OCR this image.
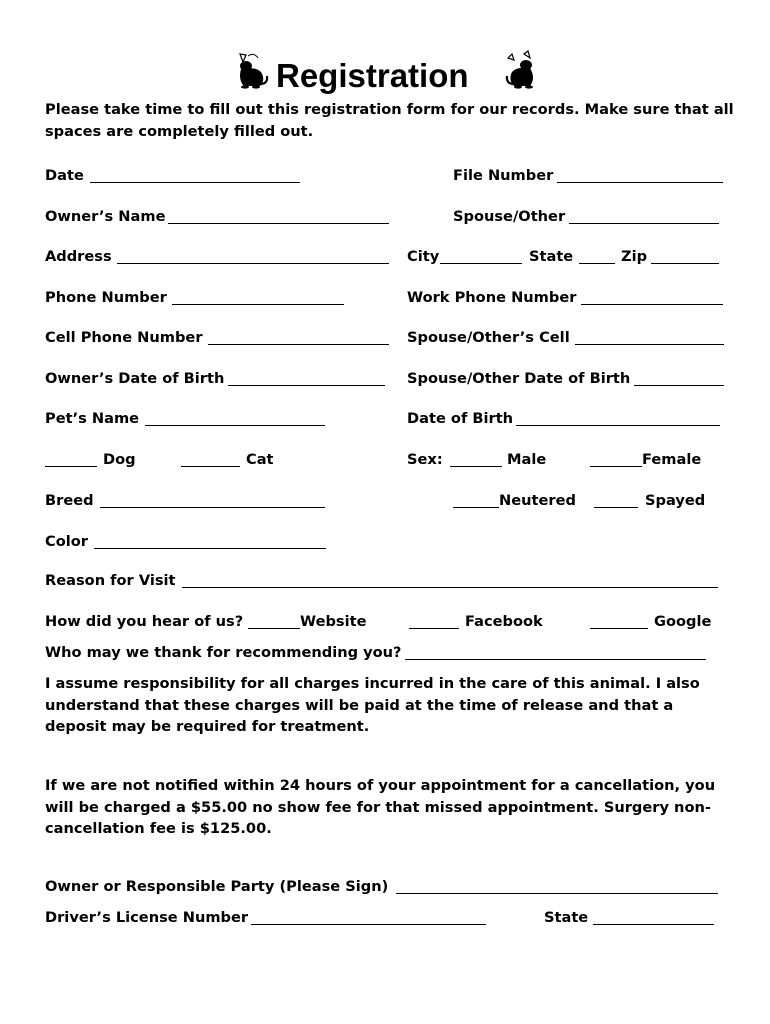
Registration
Please take time to fill out this registration form for our records. Make sure that all spaces are completely filled out.
Date	File Number
Owner’s Name	Spouse/Other
Address	City	State	Zip
Phone Number	Work Phone Number
Cell Phone Number	Spouse/Other’s Cell
Owner’s Date of Birth	Spouse/Other Date of Birth
Pet’s Name	Date of Birth
Dog	Cat	Sex:	Male	Female
Breed	Neutered	Spayed
Color
Reason for Visit
How did you hear of us?	Website	Facebook	Google
Who may we thank for recommending you?
I assume responsibility for all charges incurred in the care of this animal. I also understand that these charges will be paid at the time of release and that a deposit may be required for treatment.
If we are not notified within 24 hours of your appointment for a cancellation, you will be charged a $55.00 no show fee for that missed appointment. Surgery non-cancellation fee is $125.00.
Owner or Responsible Party (Please Sign)
Driver’s License Number	State
